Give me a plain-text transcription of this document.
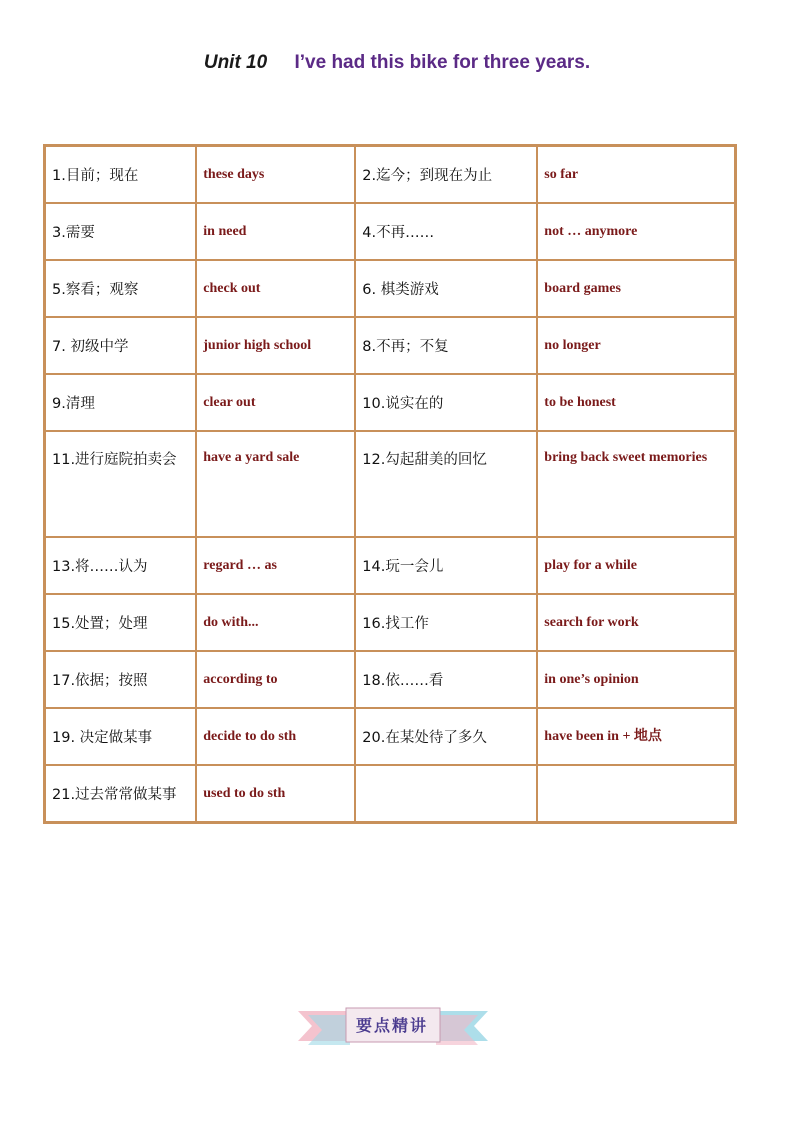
Unit 10 I’ve had this bike for three years.
1.目前；现在	these days	2.迄今；到现在为止	so far
3.需要	in need	4.不再……	not … anymore
5.察看；观察	check out	6. 棋类游戏	board games
7. 初级中学	junior high school	8.不再；不复	no longer
9.清理	clear out	10.说实在的	to be honest
11.进行庭院拍卖会	have a yard sale	12.勾起甜美的回忆	bring back sweet memories
13.将……认为	regard … as	14.玩一会儿	play for a while
15.处置；处理	do with...	16.找工作	search for work
17.依据；按照	according to	18.依……看	in one’s opinion
19. 决定做某事	decide to do sth	20.在某处待了多久	have been in + 地点
21.过去常常做某事	used to do sth		
要点精讲
